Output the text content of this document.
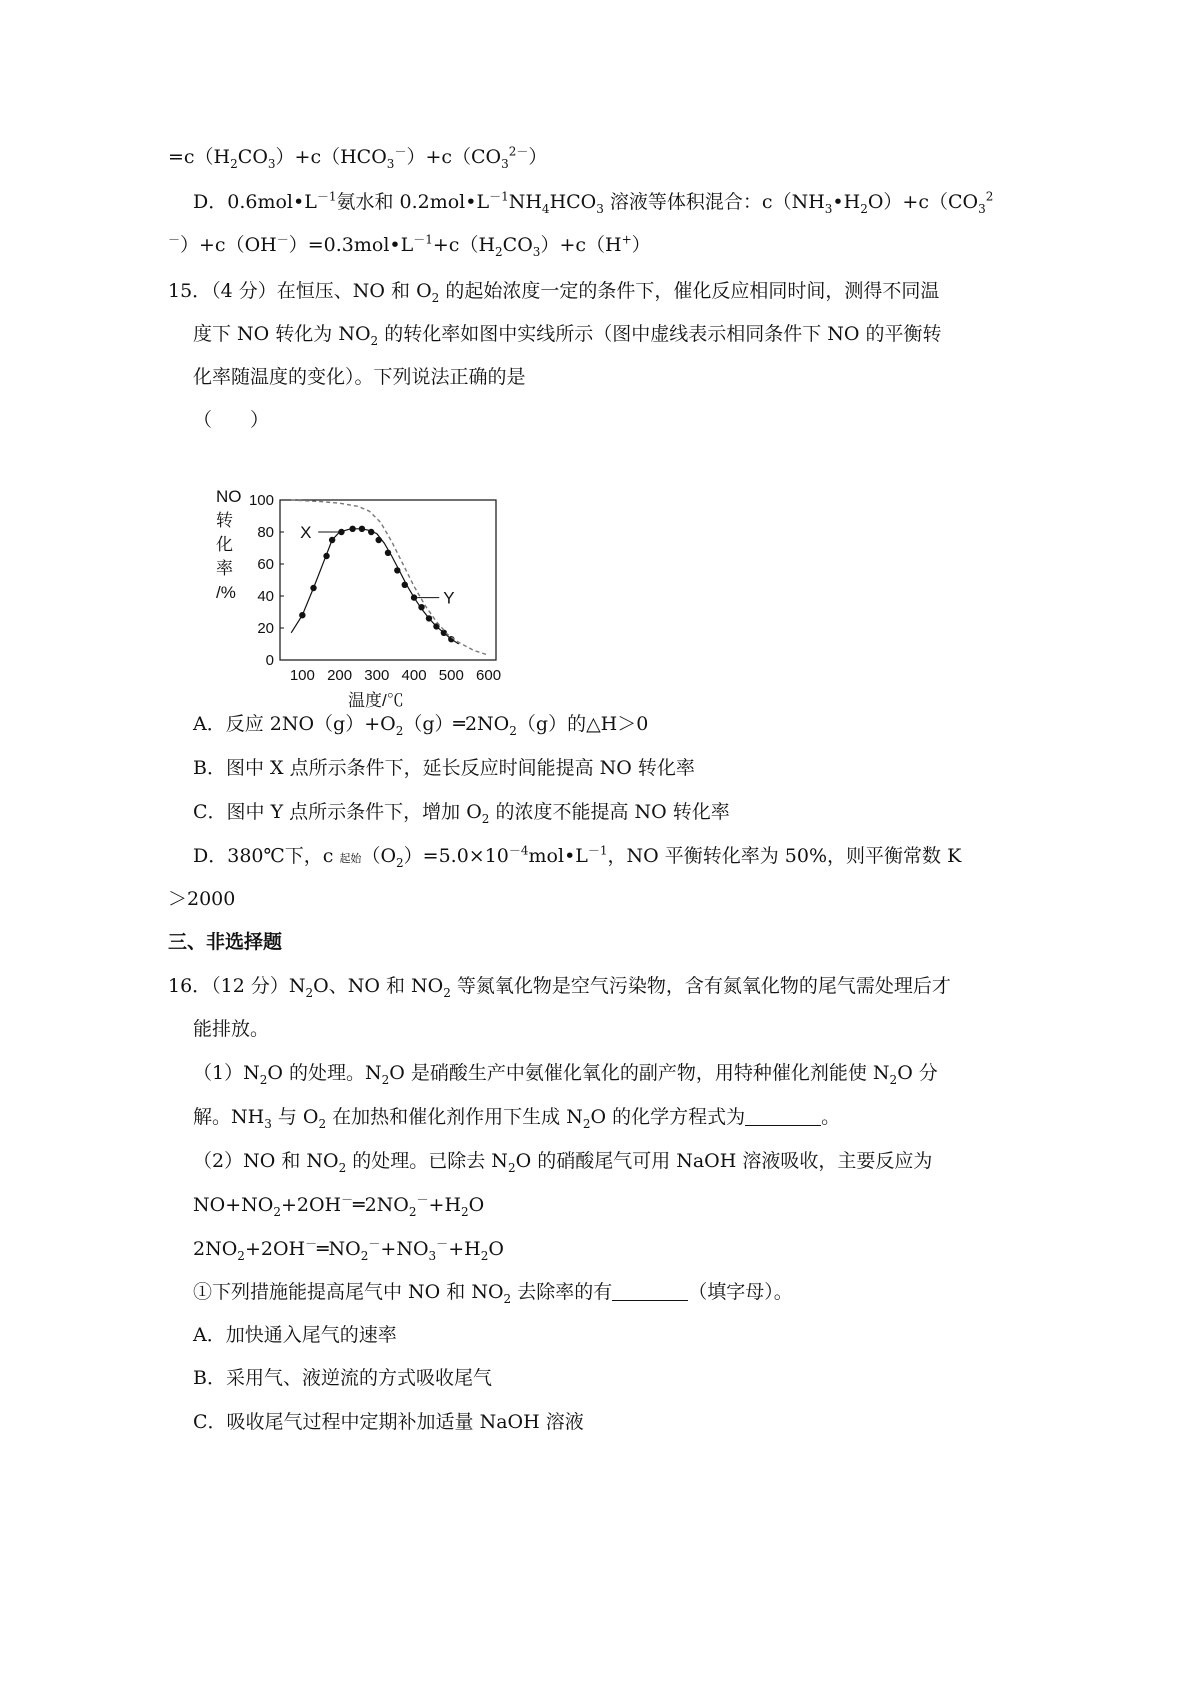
$=c(H_2CO_3)+c(HCO_3^-)+c(CO_3^{2-})$
D．$0.6mol•L^{-1}$氨水和 $0.2mol•L^{-1}NH_4HCO_3$ 溶液等体积混合：$c(NH_3•H_2O)+c(CO_3^2$
$^-)+c(OH^-)=0.3mol•L^{-1}+c(H_2CO_3)+c(H^+)$
15．（4 分）在恒压、NO 和 $O_2$ 的起始浓度一定的条件下，催化反应相同时间，测得不同温
度下 NO 转化为 $NO_2$ 的转化率如图中实线所示（图中虚线表示相同条件下 NO 的平衡转
化率随温度的变化）。下列说法正确的是
（　　）
0
20
40
60
80
100
100 200 300 400 500 600
NO
转
化
率
/%
温度/℃
X
Y
A．反应 $2NO(g)+O_2(g)═2NO_2(g)$的△H＞0
B．图中 X 点所示条件下，延长反应时间能提高 NO 转化率
C．图中 Y 点所示条件下，增加 $O_2$ 的浓度不能提高 NO 转化率
D．380℃下，c 起始$(O_2)=5.0\times 10^{-4}mol•L^{-1}$，NO 平衡转化率为 50%，则平衡常数 K
＞2000
三、非选择题
16．（12 分）$N_2O$、NO 和 $NO_2$ 等氮氧化物是空气污染物，含有氮氧化物的尾气需处理后才
能排放。
$(1)N_2O$ 的处理。$N_2O$ 是硝酸生产中氨催化氧化的副产物，用特种催化剂能使 $N_2O$ 分
解。$NH_3$ 与 $O_2$ 在加热和催化剂作用下生成 $N_2O$ 的化学方程式为	。
（2）NO 和 $NO_2$ 的处理。已除去 $N_2O$ 的硝酸尾气可用 NaOH 溶液吸收，主要反应为
$NO+NO_2+2OH^-═2NO_2^-+H_2O$
$2NO_2+2OH^-═NO_2^-+NO_3^-+H_2O$
①下列措施能提高尾气中 NO 和 $NO_2$ 去除率的有	（填字母）。
A．加快通入尾气的速率
B．采用气、液逆流的方式吸收尾气
C．吸收尾气过程中定期补加适量 NaOH 溶液
